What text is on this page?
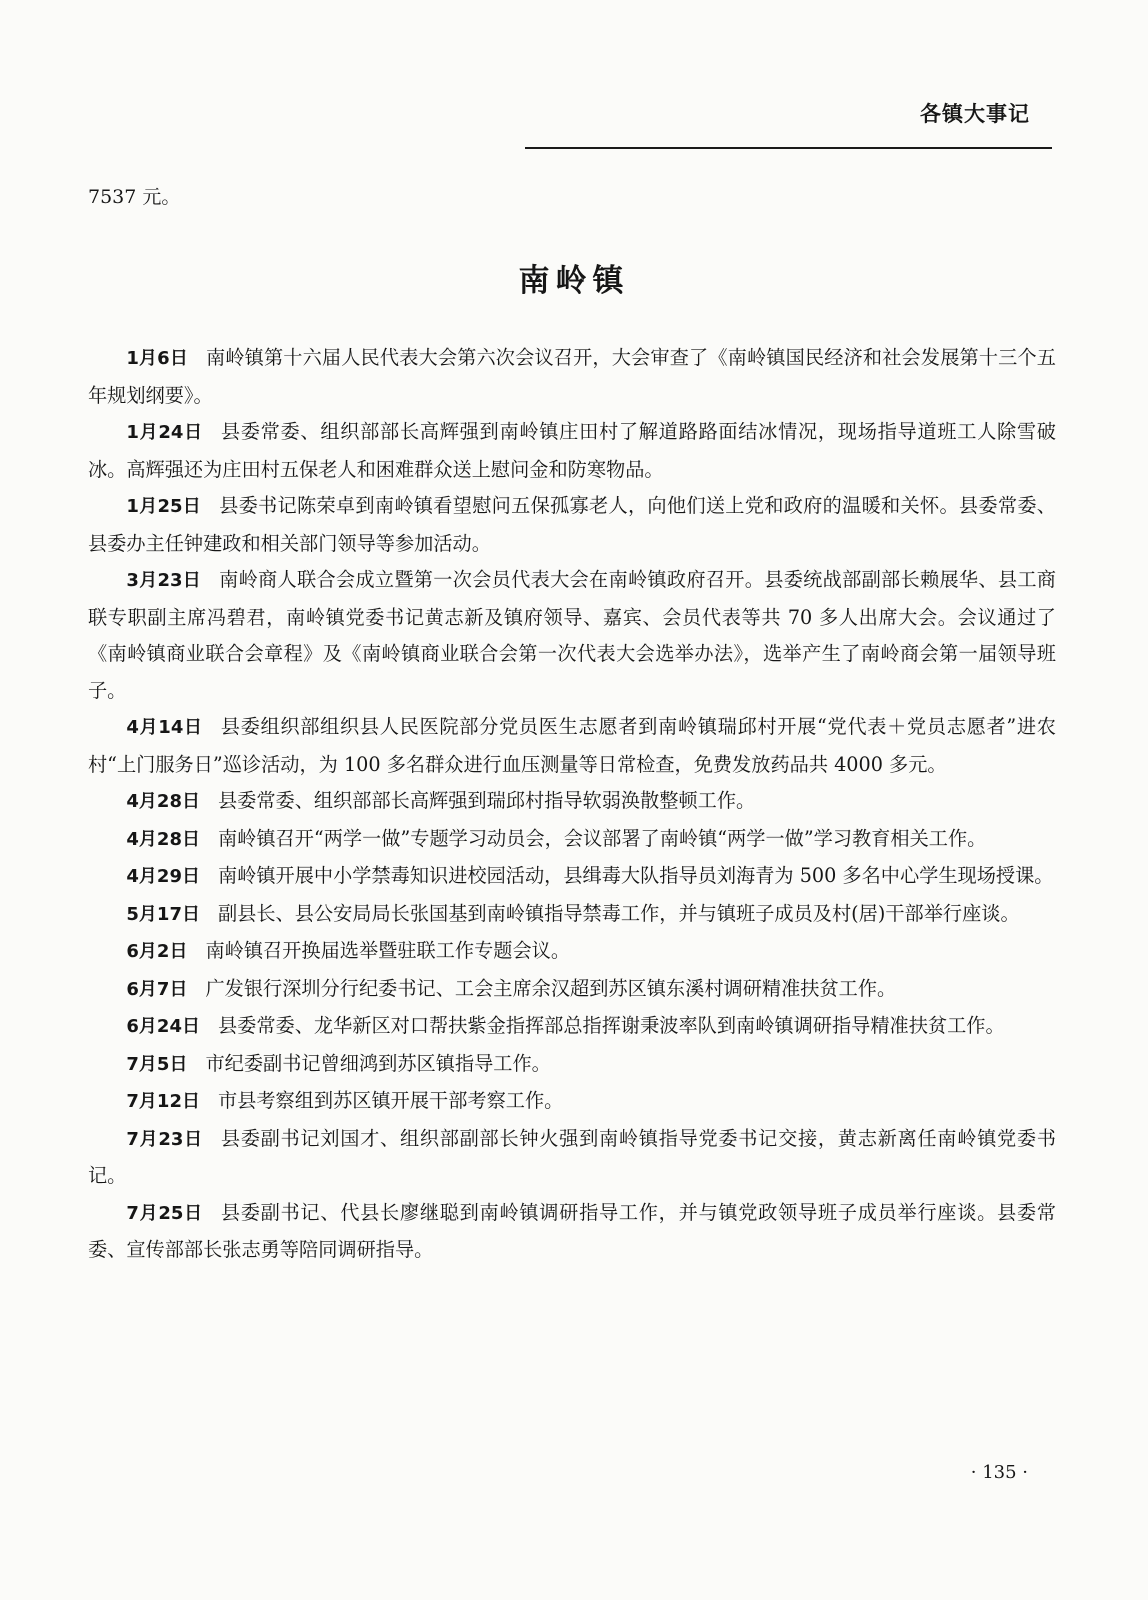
各镇大事记
7537 元。
南岭镇

1月6日 南岭镇第十六届人民代表大会第六次会议召开，大会审查了《南岭镇国民经济和社会发展第十三个五年规划纲要》。

1月24日 县委常委、组织部部长高辉强到南岭镇庄田村了解道路路面结冰情况，现场指导道班工人除雪破冰。高辉强还为庄田村五保老人和困难群众送上慰问金和防寒物品。

1月25日 县委书记陈荣卓到南岭镇看望慰问五保孤寡老人，向他们送上党和政府的温暖和关怀。县委常委、县委办主任钟建政和相关部门领导等参加活动。

3月23日 南岭商人联合会成立暨第一次会员代表大会在南岭镇政府召开。县委统战部副部长赖展华、县工商联专职副主席冯碧君，南岭镇党委书记黄志新及镇府领导、嘉宾、会员代表等共 70 多人出席大会。会议通过了《南岭镇商业联合会章程》及《南岭镇商业联合会第一次代表大会选举办法》，选举产生了南岭商会第一届领导班子。

4月14日 县委组织部组织县人民医院部分党员医生志愿者到南岭镇瑞邱村开展“党代表＋党员志愿者”进农村“上门服务日”巡诊活动，为 100 多名群众进行血压测量等日常检查，免费发放药品共 4000 多元。

4月28日 县委常委、组织部部长高辉强到瑞邱村指导软弱涣散整顿工作。

4月28日 南岭镇召开“两学一做”专题学习动员会，会议部署了南岭镇“两学一做”学习教育相关工作。

4月29日 南岭镇开展中小学禁毒知识进校园活动，县缉毒大队指导员刘海青为 500 多名中心学生现场授课。

5月17日 副县长、县公安局局长张国基到南岭镇指导禁毒工作，并与镇班子成员及村(居)干部举行座谈。

6月2日 南岭镇召开换届选举暨驻联工作专题会议。

6月7日 广发银行深圳分行纪委书记、工会主席余汉超到苏区镇东溪村调研精准扶贫工作。

6月24日 县委常委、龙华新区对口帮扶紫金指挥部总指挥谢秉波率队到南岭镇调研指导精准扶贫工作。

7月5日 市纪委副书记曾细鸿到苏区镇指导工作。

7月12日 市县考察组到苏区镇开展干部考察工作。

7月23日 县委副书记刘国才、组织部副部长钟火强到南岭镇指导党委书记交接，黄志新离任南岭镇党委书记。

7月25日 县委副书记、代县长廖继聪到南岭镇调研指导工作，并与镇党政领导班子成员举行座谈。县委常委、宣传部部长张志勇等陪同调研指导。

· 135 ·
